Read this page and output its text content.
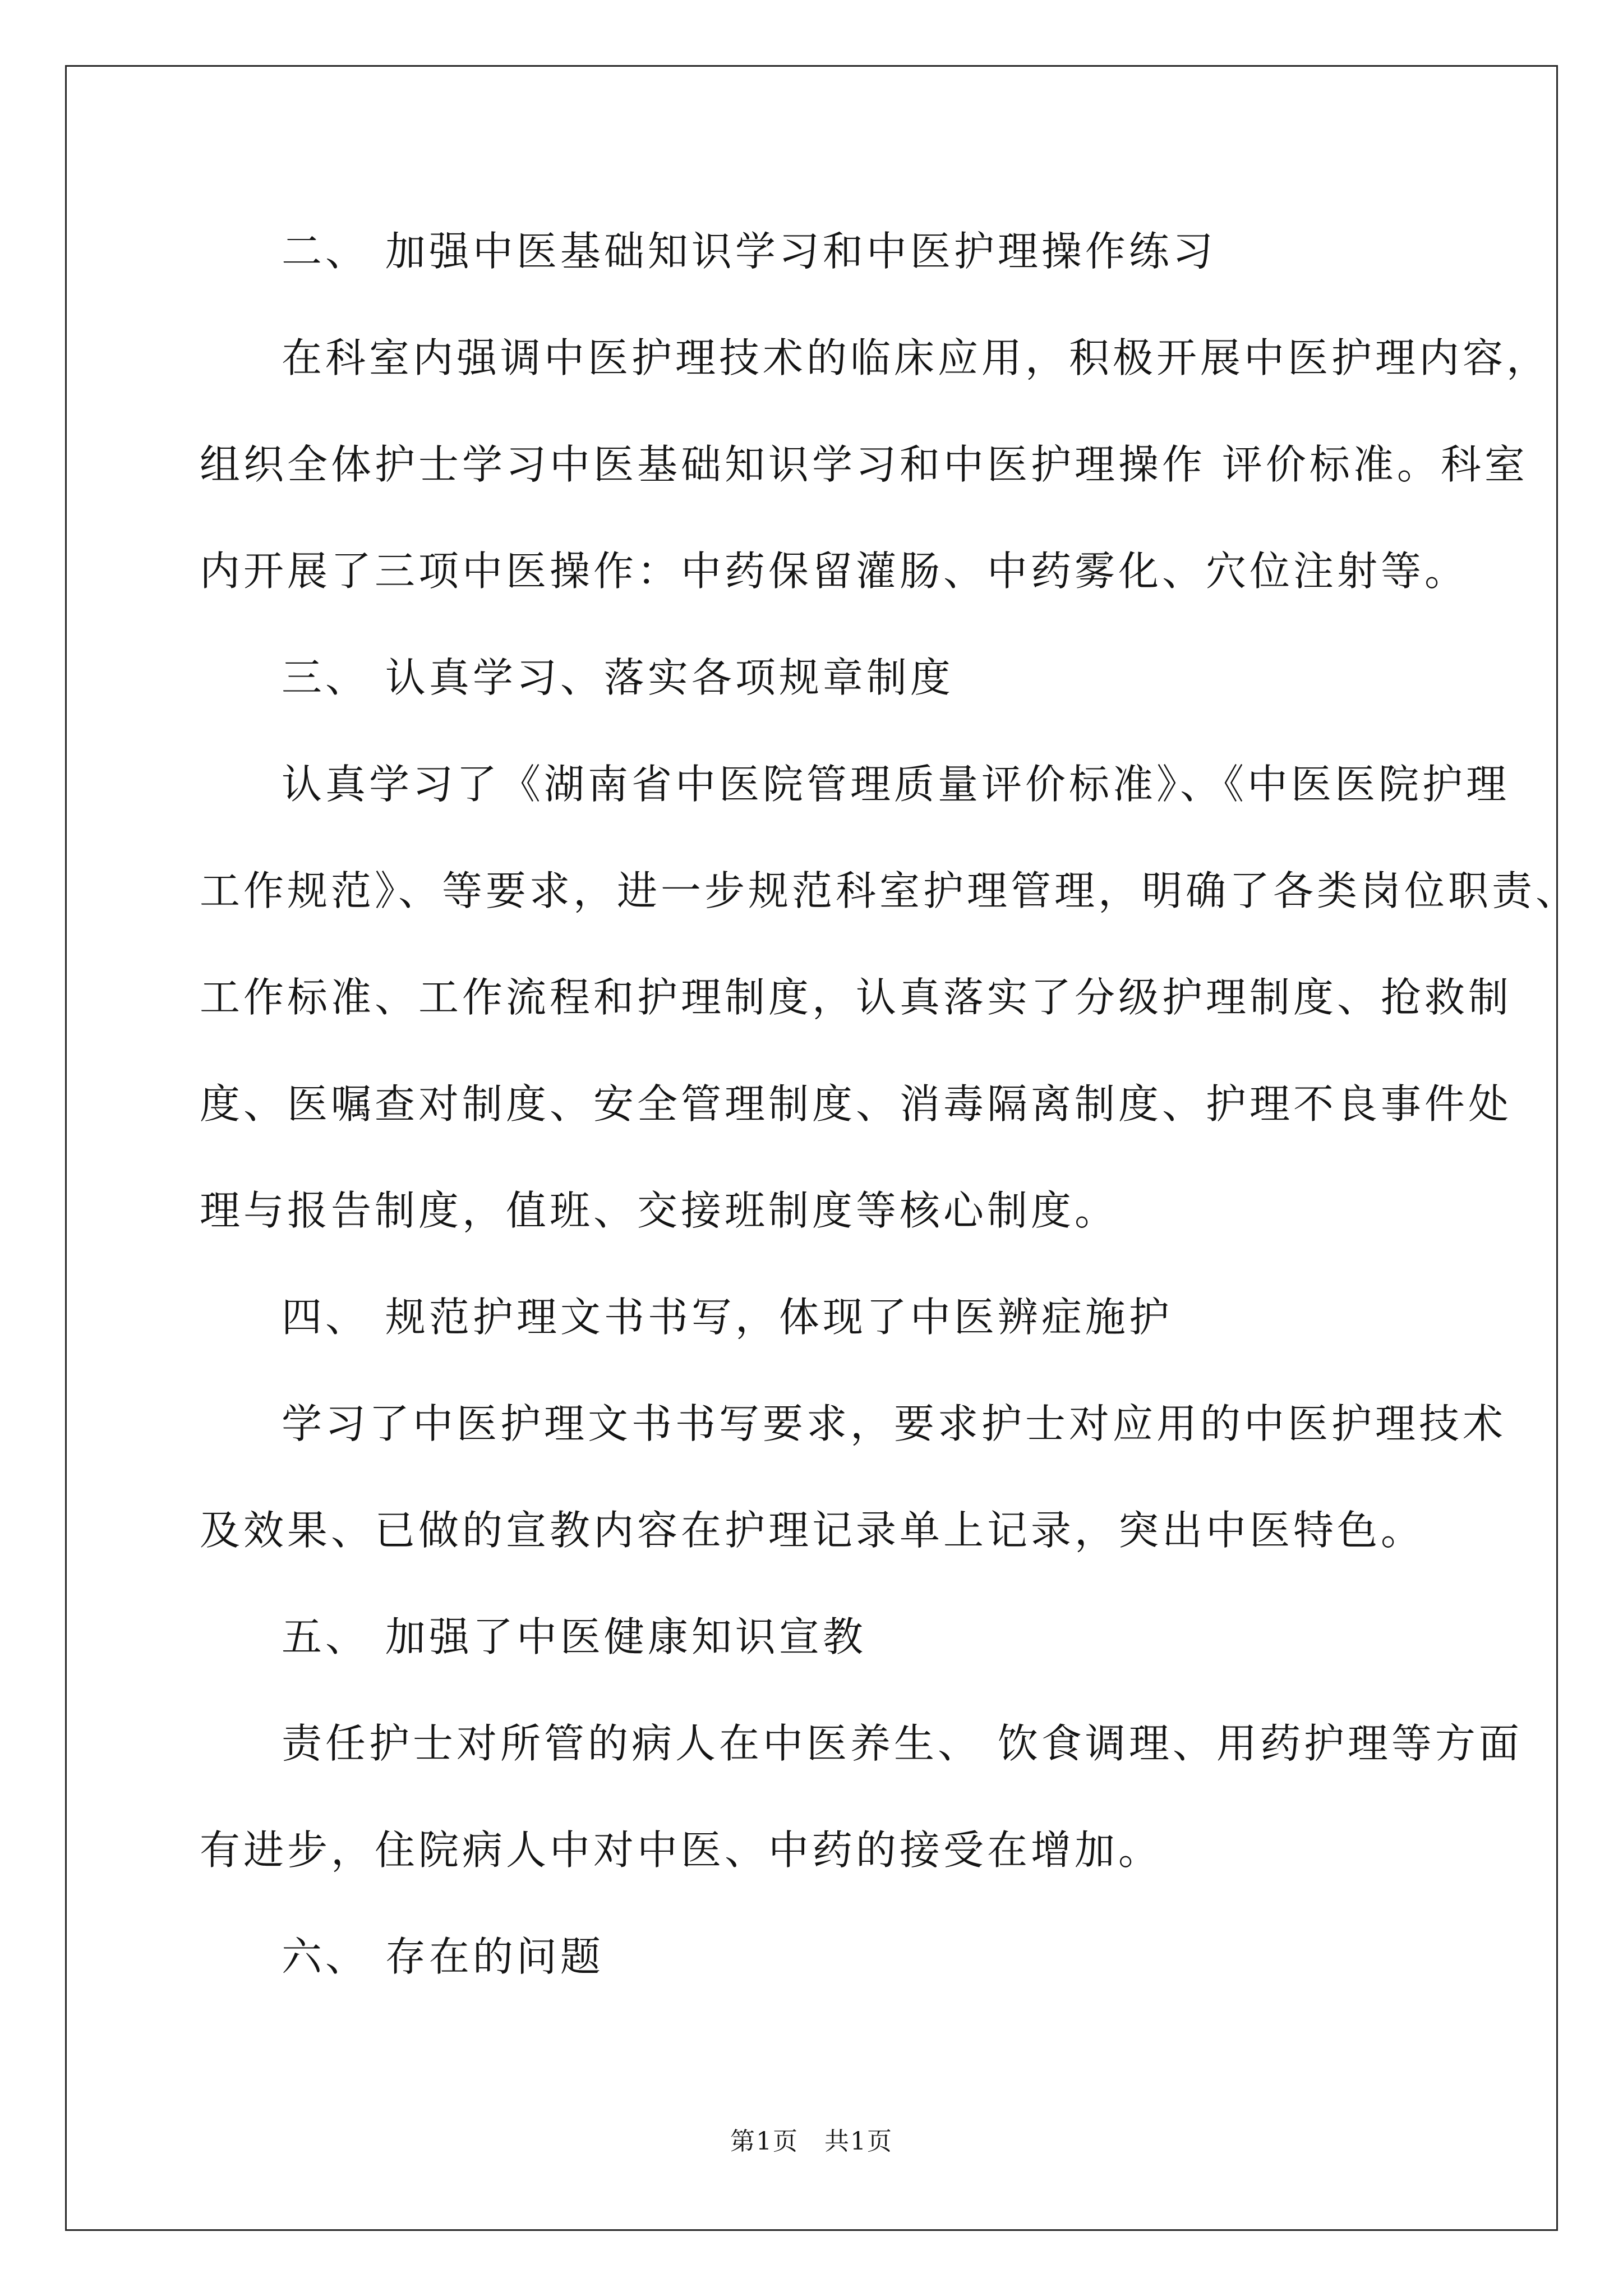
二、 加强中医基础知识学习和中医护理操作练习
在科室内强调中医护理技术的临床应用，积极开展中医护理内容，
组织全体护士学习中医基础知识学习和中医护理操作 评价标准。科室
内开展了三项中医操作：中药保留灌肠、中药雾化、穴位注射等。
三、 认真学习、落实各项规章制度
认真学习了《湖南省中医院管理质量评价标准》、《中医医院护理
工作规范》、等要求，进一步规范科室护理管理，明确了各类岗位职责、
工作标准、工作流程和护理制度，认真落实了分级护理制度、抢救制
度、医嘱查对制度、安全管理制度、消毒隔离制度、护理不良事件处
理与报告制度，值班、交接班制度等核心制度。
四、 规范护理文书书写，体现了中医辨症施护
学习了中医护理文书书写要求，要求护士对应用的中医护理技术
及效果、已做的宣教内容在护理记录单上记录，突出中医特色。
五、 加强了中医健康知识宣教
责任护士对所管的病人在中医养生、 饮食调理、用药护理等方面
有进步，住院病人中对中医、中药的接受在增加。
六、 存在的问题
第1页　共1页
